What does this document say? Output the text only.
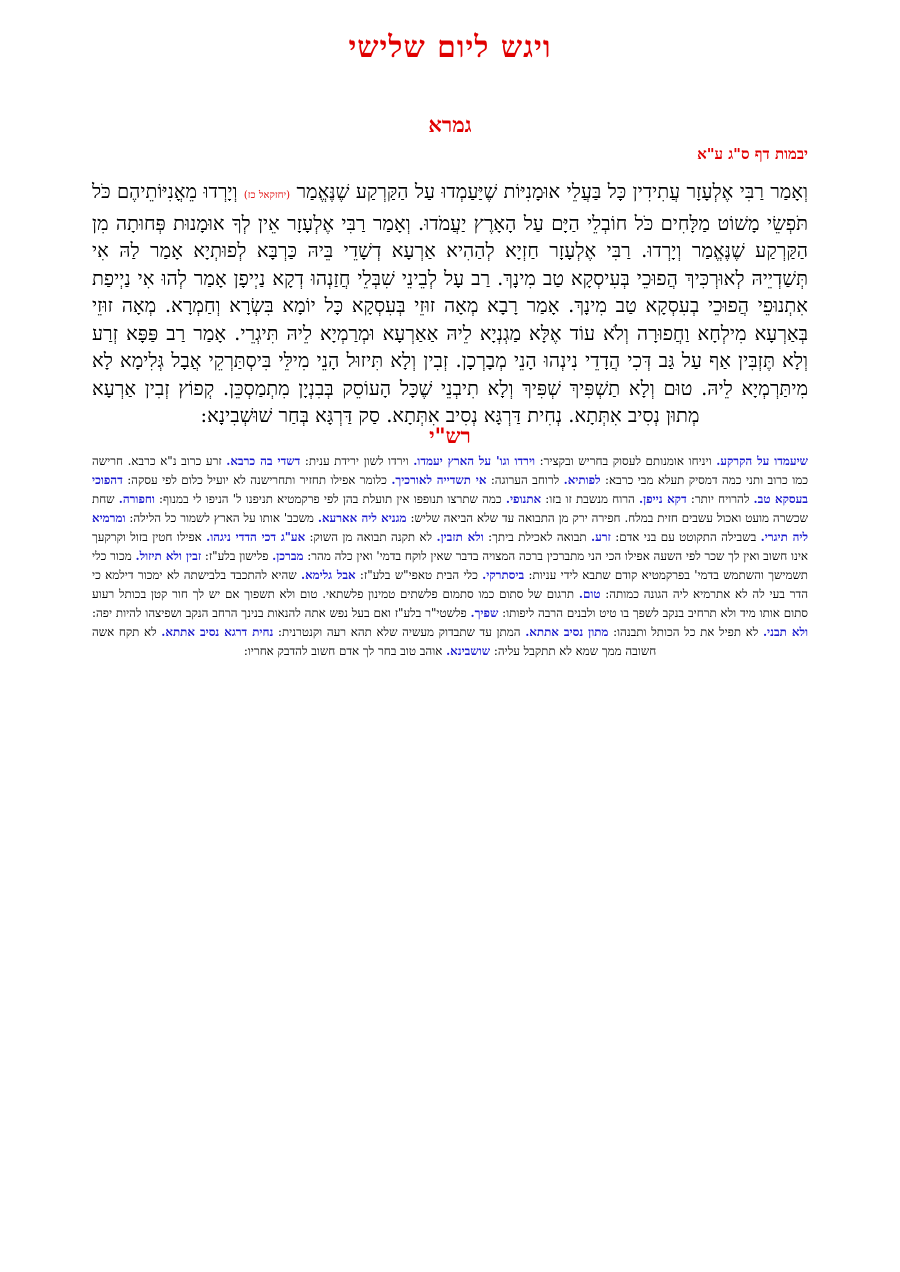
ויגש ליום שלישי
גמרא
יבמות דף ס"ג ע"א
וְאָמַר רַבִּי אֶלְעָזָר עֲתִידִין כָּל בַּעֲלֵי אוּמָנִיּוֹת שֶׁיַּעַמְדוּ עַל הַקַּרְקַע שֶׁנֶּאֱמַר (יחזקאל כז) וְיָרְדוּ מֵאֳנִיּוֹתֵיהֶם כֹּל תֹּפְשֵׂי מָשׁוֹט מַלָּחִים כֹּל חוֹבְלֵי הַיָּם עַל הָאָרֶץ יַעֲמֹדוּ. וְאָמַר רַבִּי אֶלְעָזָר אֵין לְךָ אוּמָנוּת פְּחוּתָה מִן הַקַּרְקַע שֶׁנֶּאֱמַר וְיָרְדוּ. רַבִּי אֶלְעָזָר חַזְיָא לְהַהִיא אַרְעָא דְשָׁדֵי בֵּיהּ כַּרְבָּא לְפוּתְיָא אָמַר לַהּ אִי תְּשַׁדְיֵיהּ לְאוּרְכִּיךְ הֲפוּכֵי בְּעִיסְקָא טַב מִינָךְ. רַב עָל לְבֵינֵי שִׁבְּלֵי חֲזַנְהוּ דְקָא נַיְיפָן אָמַר לְהוּ אִי נַיְיפַת אִתְנוּפֵי הֲפוּכֵי בְעִסְקָא טַב מִינָךְ. אָמַר רָבָא מְאָה זוּזֵי בְּעִסְקָא כָּל יוֹמָא בִּשְׂרָא וְחַמְרָא. מְאָה זוּזֵי בְּאַרְעָא מִילְחָא וַחֲפוּרָה וְלֹא עוֹד אֶלָּא מַגְנְיָא לֵיהּ אַאַרְעָא וּמְרַמְיָא לֵיהּ תִּיגְרֵי. אָמַר רַב פַּפָּא זְרַע וְלָא תֶּזְבִּין אַף עַל גַּב דְּכִי הֲדָדֵי נִינְהוּ הָנֵי מְבָרְכָן. זְבִין וְלָא תִּיזוּל הָנֵי מִילֵּי בִּיסְתַּרְקֵי אֲבָל גְּלִימָא לָא מִיתַּרְמְיָא לֵיהּ. טוּם וְלָא תַשְׁפִּיךְ שְׁפִּיךְ וְלָא תִיבְנֵי שֶׁכָּל הָעוֹסֵק בְּבִנְיָן מִתְמַסְכֵּן. קְפוֹץ זְבִין אַרְעָא מְתוּן נְסִיב אִתְּתָא. נְחִית דַּרְגָּא נְסִיב אִתְּתָא. סַק דַּרְגָּא בְּחַר שׁוּשְׁבִינָא:
רש"י
שיעמדו על הקרקע. ויניחו אומנותם לעסוק בחריש ובקציר: וירדו וגו' על הארץ יעמדו. וירדו לשון ירידת ענית: דשדי בה כרבא. זרע כרוב נ"א כרבא. חרישה כמו כרוב ותני כמה דמסיק תעלא מבי כרבא: לפותיא. לרוחב הערוגה: אי תשדייה לאורכיך. כלומר אפילו תחזיר ותחרישנה לא יועיל כלום לפי עסקה: דהפוכי בעסקא טב. להרויח יותר: דקא נייפן. הרוח מנשבת זו בזו: אתנופי. כמה שתרצו תנופפו אין תועלת בהן לפי פרקמטיא תניפנו ל' הניפו לי במנוף: וחפורה. שחת שכשרה מועט ואכול עשבים חזית במלח. חפירה ירק מן התבואה עד שלא הביאה שליש: מגניא ליה אארעא. משכב' אותו על הארץ לשמור כל הלילה: ומרמיא ליה תיגרי. בשבילה התקוטט עם בני אדם: זרע. תבואה לאכילת ביתך: ולא תזבין. לא תקנה תבואה מן השוק: אע"ג דכי הדדי ניגהו. אפילו חטין בזול וקרקעך אינו חשוב ואין לך שכר לפי השעה אפילו הכי הני מתברכין ברכה המצויה בדבר שאין לוקח בדמי' ואין כלה מהר: מברכן. פלישון בלע"ז: זבין ולא תיזול. מכור כלי תשמישך והשתמש בדמי' בפרקמטיא קודם שתבא לידי עניות: ביסתרקי. כלי הבית טאפי"ש בלע"ז: אבל גלימא. שהיא להתכבד בלבישתה לא ימכור דילמא כי הדר בעי לה לא אתרמיא ליה הגונה כמותה: טום. תרגום של סתום כמו סתמום פלשתים טמינון פלשתאי. טום ולא תשפוך אם יש לך חור קטן בכותל רעוע סתום אותו מיד ולא תרחיב בנקב לשפך בו טיט ולבנים הרבה ליפותו: שפיך. פלשטי"ר בלע"ז ואם בעל נפש אתה להנאות בנינך הרחב הנקב ושפיצהו להיות יפה: ולא תבני. לא תפיל את כל הכותל ותבנהו: מתון נסיב אתתא. המתן עד שתבדוק מעשיה שלא תהא רעה וקנטרנית: נחית דרגא נסיב אתתא. לא תקח אשה חשובה ממך שמא לא תתקבל עליה: שושבינא. אוהב טוב בחר לך אדם חשוב להדבק אחריו:
